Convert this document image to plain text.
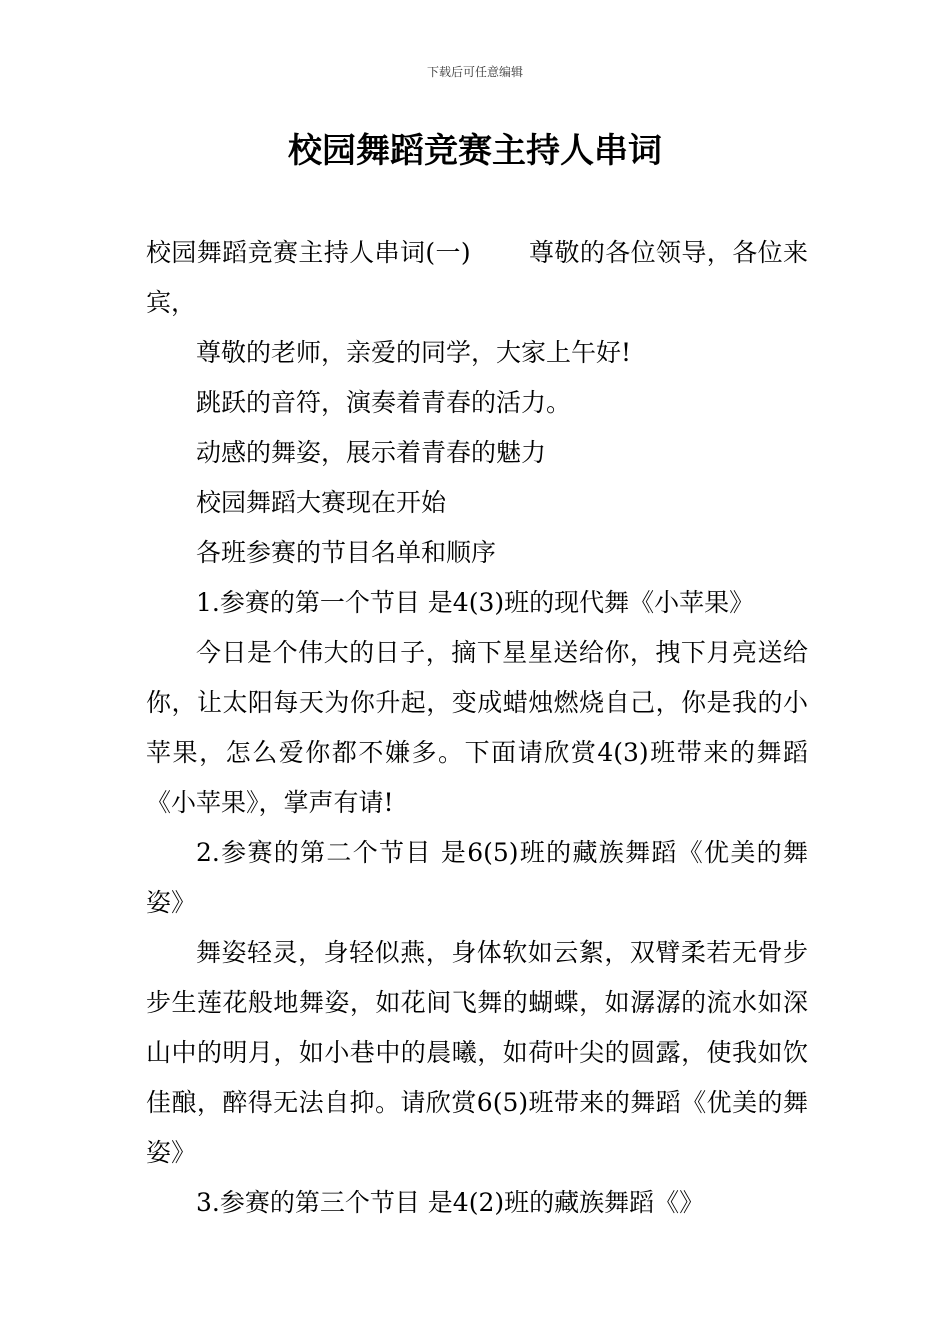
下载后可任意编辑
校园舞蹈竞赛主持人串词

校园舞蹈竞赛主持人串词(一) 尊敬的各位领导，各位来宾，

尊敬的老师，亲爱的同学，大家上午好!

跳跃的音符，演奏着青春的活力。

动感的舞姿，展示着青春的魅力

校园舞蹈大赛现在开始

各班参赛的节目名单和顺序

1.参赛的第一个节目 是4(3)班的现代舞《小苹果》

今日是个伟大的日子，摘下星星送给你，拽下月亮送给你，让太阳每天为你升起，变成蜡烛燃烧自己，你是我的小苹果，怎么爱你都不嫌多。下面请欣赏4(3)班带来的舞蹈《小苹果》，掌声有请!

2.参赛的第二个节目 是6(5)班的藏族舞蹈《优美的舞姿》

舞姿轻灵，身轻似燕，身体软如云絮，双臂柔若无骨步步生莲花般地舞姿，如花间飞舞的蝴蝶，如潺潺的流水如深山中的明月，如小巷中的晨曦，如荷叶尖的圆露，使我如饮佳酿，醉得无法自抑。请欣赏6(5)班带来的舞蹈《优美的舞姿》

3.参赛的第三个节目 是4(2)班的藏族舞蹈《》
